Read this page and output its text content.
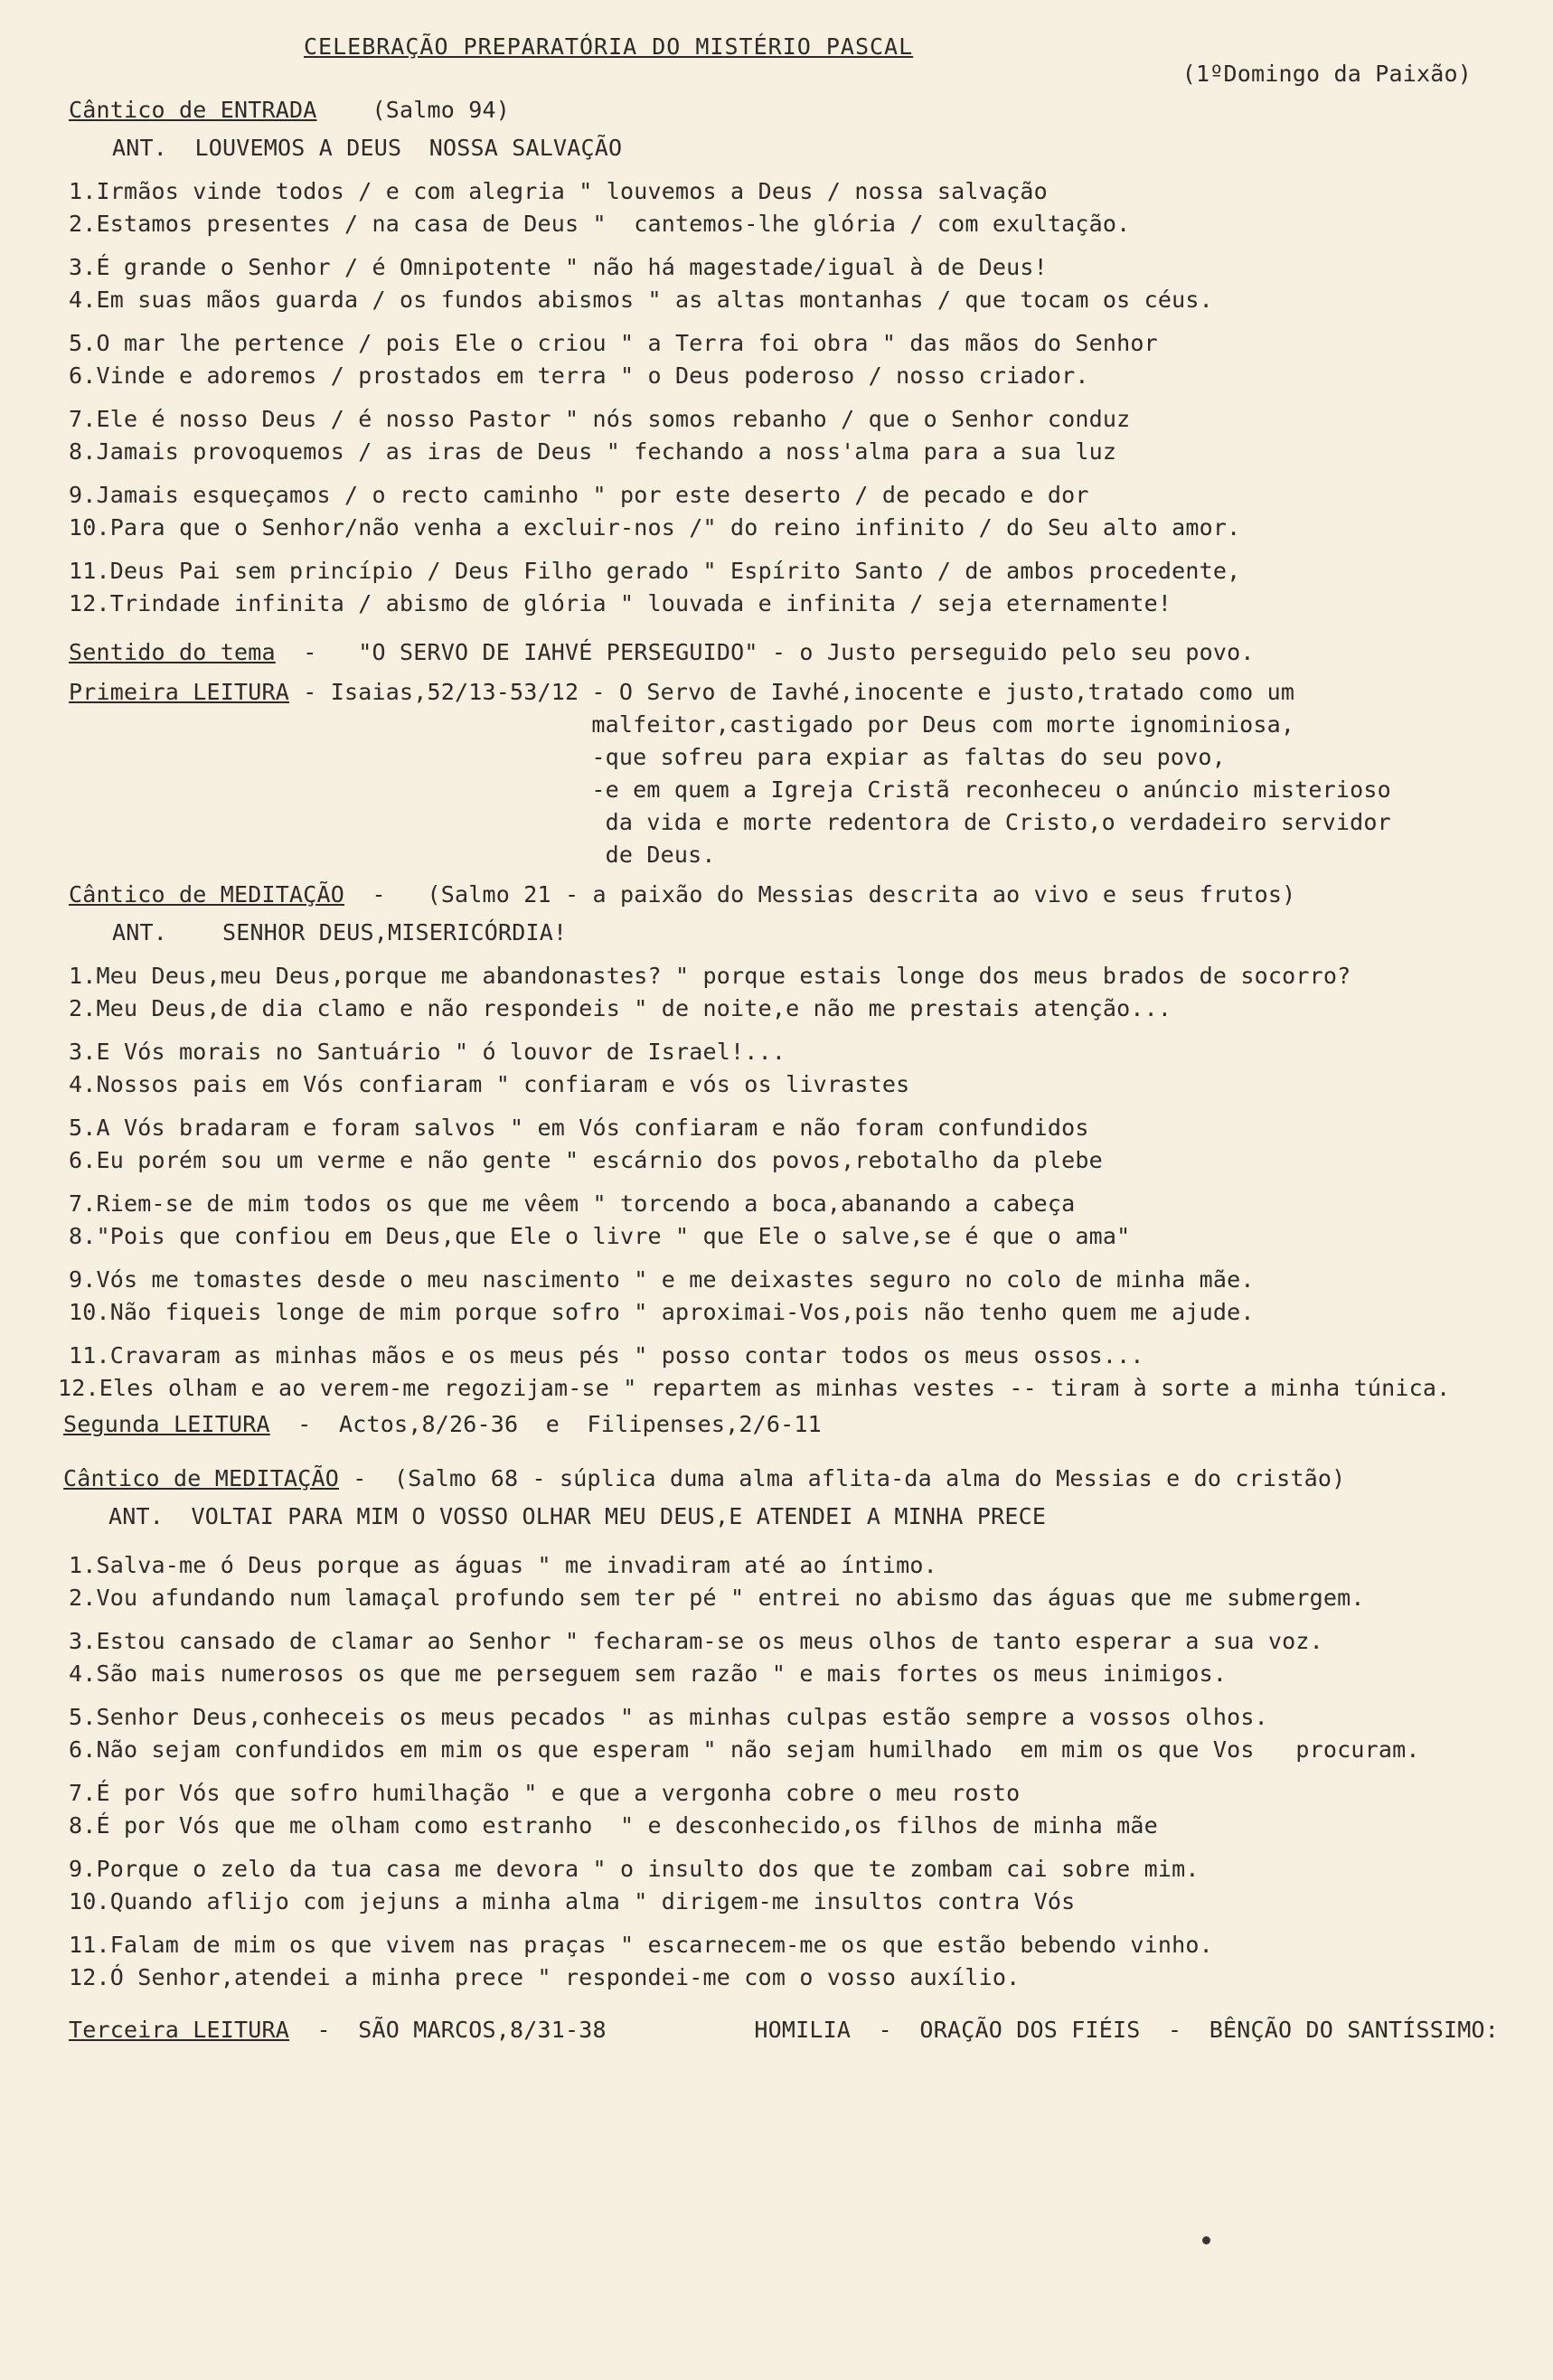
CELEBRAÇÃO PREPARATÓRIA DO MISTÉRIO PASCAL
(1ºDomingo da Paixão)
Cântico de ENTRADA (Salmo 94)
ANT.  LOUVEMOS A DEUS  NOSSA SALVAÇÃO
1.Irmãos vinde todos / e com alegria " louvemos a Deus / nossa salvação
2.Estamos presentes / na casa de Deus "  cantemos-lhe glória / com exultação.
3.É grande o Senhor / é Omnipotente " não há magestade/igual à de Deus!
4.Em suas mãos guarda / os fundos abismos " as altas montanhas / que tocam os céus.
5.O mar lhe pertence / pois Ele o criou " a Terra foi obra " das mãos do Senhor
6.Vinde e adoremos / prostados em terra " o Deus poderoso / nosso criador.
7.Ele é nosso Deus / é nosso Pastor " nós somos rebanho / que o Senhor conduz
8.Jamais provoquemos / as iras de Deus " fechando a noss'alma para a sua luz
9.Jamais esqueçamos / o recto caminho " por este deserto / de pecado e dor
10.Para que o Senhor/não venha a excluir-nos /" do reino infinito / do Seu alto amor.
11.Deus Pai sem princípio / Deus Filho gerado " Espírito Santo / de ambos procedente,
12.Trindade infinita / abismo de glória " louvada e infinita / seja eternamente!
Sentido do tema  -   "O SERVO DE IAHVÉ PERSEGUIDO" - o Justo perseguido pelo seu povo.
Primeira LEITURA - Isaias,52/13-53/12 - O Servo de Iavhé,inocente e justo,tratado como um
malfeitor,castigado por Deus com morte ignominiosa,
-que sofreu para expiar as faltas do seu povo,
-e em quem a Igreja Cristã reconheceu o anúncio misterioso
da vida e morte redentora de Cristo,o verdadeiro servidor
de Deus.
Cântico de MEDITAÇÃO  -   (Salmo 21 - a paixão do Messias descrita ao vivo e seus frutos)
ANT.    SENHOR DEUS,MISERICÓRDIA!
1.Meu Deus,meu Deus,porque me abandonastes? " porque estais longe dos meus brados de socorro?
2.Meu Deus,de dia clamo e não respondeis " de noite,e não me prestais atenção...
3.E Vós morais no Santuário " ó louvor de Israel!...
4.Nossos pais em Vós confiaram " confiaram e vós os livrastes
5.A Vós bradaram e foram salvos " em Vós confiaram e não foram confundidos
6.Eu porém sou um verme e não gente " escárnio dos povos,rebotalho da plebe
7.Riem-se de mim todos os que me vêem " torcendo a boca,abanando a cabeça
8."Pois que confiou em Deus,que Ele o livre " que Ele o salve,se é que o ama"
9.Vós me tomastes desde o meu nascimento " e me deixastes seguro no colo de minha mãe.
10.Não fiqueis longe de mim porque sofro " aproximai-Vos,pois não tenho quem me ajude.
11.Cravaram as minhas mãos e os meus pés " posso contar todos os meus ossos...
12.Eles olham e ao verem-me regozijam-se " repartem as minhas vestes -- tiram à sorte a minha túnica.
Segunda LEITURA  -  Actos,8/26-36  e  Filipenses,2/6-11
Cântico de MEDITAÇÃO -  (Salmo 68 - súplica duma alma aflita-da alma do Messias e do cristão)
ANT.  VOLTAI PARA MIM O VOSSO OLHAR MEU DEUS,E ATENDEI A MINHA PRECE
1.Salva-me ó Deus porque as águas " me invadiram até ao íntimo.
2.Vou afundando num lamaçal profundo sem ter pé " entrei no abismo das águas que me submergem.
3.Estou cansado de clamar ao Senhor " fecharam-se os meus olhos de tanto esperar a sua voz.
4.São mais numerosos os que me perseguem sem razão " e mais fortes os meus inimigos.
5.Senhor Deus,conheceis os meus pecados " as minhas culpas estão sempre a vossos olhos.
6.Não sejam confundidos em mim os que esperam " não sejam humilhado  em mim os que Vos   procuram.
7.É por Vós que sofro humilhação " e que a vergonha cobre o meu rosto
8.É por Vós que me olham como estranho  " e desconhecido,os filhos de minha mãe
9.Porque o zelo da tua casa me devora " o insulto dos que te zombam cai sobre mim.
10.Quando aflijo com jejuns a minha alma " dirigem-me insultos contra Vós
11.Falam de mim os que vivem nas praças " escarnecem-me os que estão bebendo vinho.
12.Ó Senhor,atendei a minha prece " respondei-me com o vosso auxílio.
Terceira LEITURA  -  SÃO MARCOS,8/31-38	HOMILIA  -  ORAÇÃO DOS FIÉIS  -  BÊNÇÃO DO SANTÍSSIMO:
